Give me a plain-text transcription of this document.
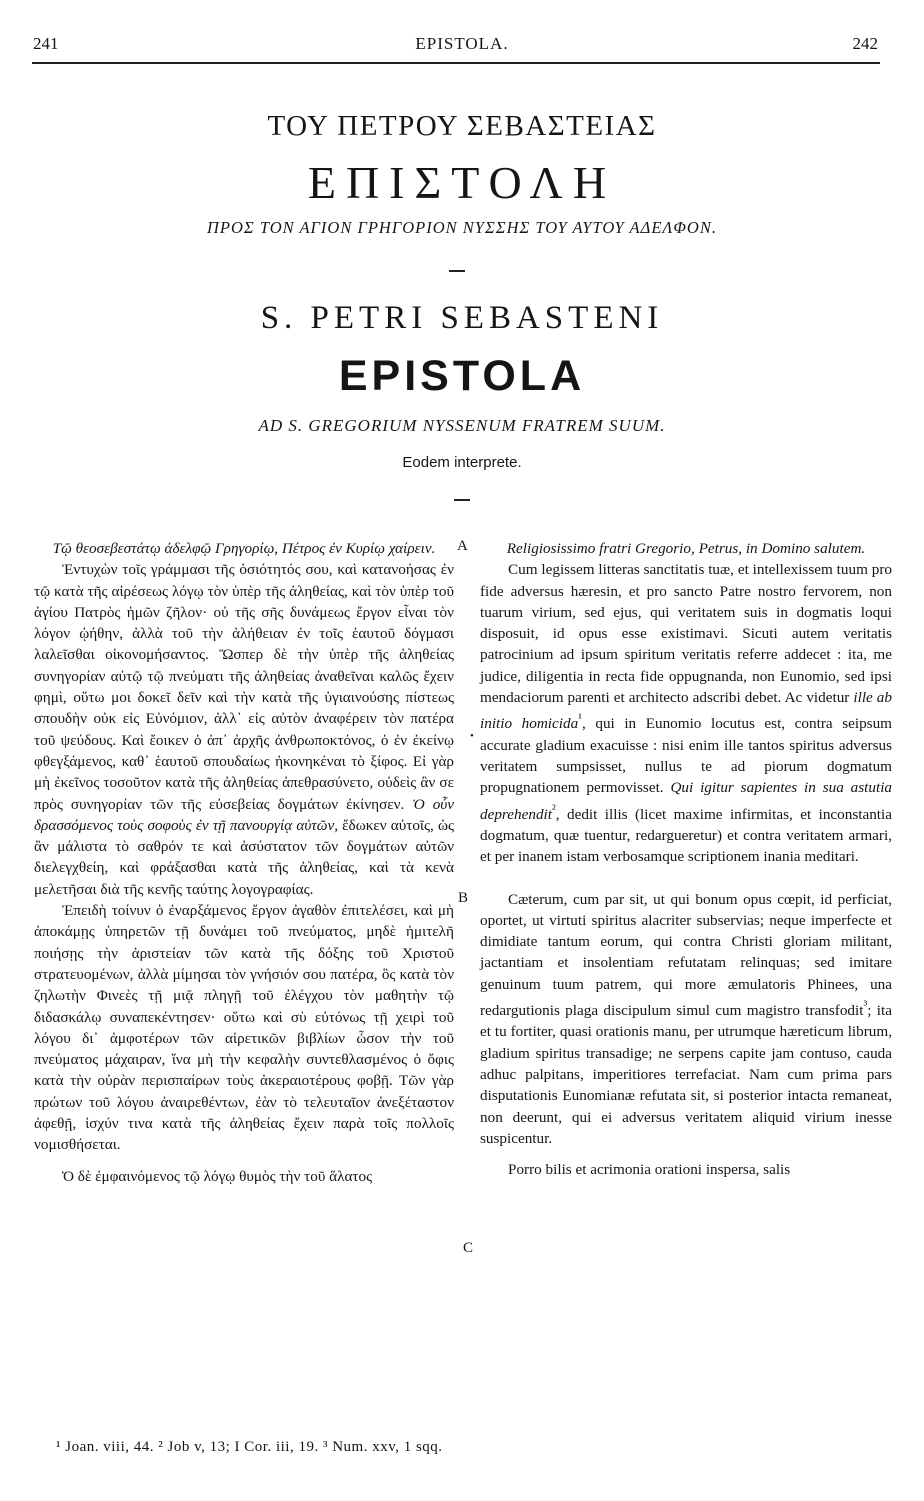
241	EPISTOLA.	242
ΤΟΥ ΠΕΤΡΟΥ ΣΕΒΑΣΤΕΙΑΣ
ΕΠΙΣΤΟΛΗ
ΠΡΟΣ ΤΟΝ ΑΓΙΟΝ ΓΡΗΓΟΡΙΟΝ ΝΥΣΣΗΣ ΤΟΥ ΑΥΤΟΥ ΑΔΕΛΦΟΝ.
S. PETRI SEBASTENI
EPISTOLA
AD S. GREGORIUM NYSSENUM FRATREM SUUM.
Eodem interprete.

Τῷ θεοσεβεστάτῳ ἀδελφῷ Γρηγορίῳ, Πέτρος ἐν Κυρίῳ χαίρειν.

Ἐντυχὼν τοῖς γράμμασι τῆς ὁσιότητός σου, καὶ κατανοήσας ἐν τῷ κατὰ τῆς αἱρέσεως λόγῳ τὸν ὑπὲρ τῆς ἀληθείας, καὶ τὸν ὑπὲρ τοῦ ἁγίου Πατρὸς ἡμῶν ζῆλον· οὐ τῆς σῆς δυνάμεως ἔργον εἶναι τὸν λόγον ᾠήθην, ἀλλὰ τοῦ τὴν ἀλήθειαν ἐν τοῖς ἑαυτοῦ δόγμασι λαλεῖσθαι οἰκονομήσαντος. Ὥσπερ δὲ τὴν ὑπὲρ τῆς ἀληθείας συνηγορίαν αὐτῷ τῷ πνεύματι τῆς ἀληθείας ἀναθεῖναι καλῶς ἔχειν φημὶ, οὕτω μοι δοκεῖ δεῖν καὶ τὴν κατὰ τῆς ὑγιαινούσης πίστεως σπουδὴν οὐκ εἰς Εὐνόμιον, ἀλλ᾽ εἰς αὐτὸν ἀναφέρειν τὸν πατέρα τοῦ ψεύδους. Καὶ ἔοικεν ὁ ἀπ᾽ ἀρχῆς ἀνθρωποκτόνος, ὁ ἐν ἐκείνῳ φθεγξάμενος, καθ᾽ ἑαυτοῦ σπουδαίως ἠκονηκέναι τὸ ξίφος. Εἰ γὰρ μὴ ἐκεῖνος τοσοῦτον κατὰ τῆς ἀληθείας ἀπεθρασύνετο, οὐδεὶς ἂν σε πρὸς συνηγορίαν τῶν τῆς εὐσεβείας δογμάτων ἐκίνησεν. Ὁ οὖν δρασσόμενος τοὺς σοφοὺς ἐν τῇ πανουργίᾳ αὐτῶν, ἔδωκεν αὐτοῖς, ὡς ἂν μάλιστα τὸ σαθρόν τε καὶ ἀσύστατον τῶν δογμάτων αὐτῶν διελεγχθείη, καὶ φράξασθαι κατὰ τῆς ἀληθείας, καὶ τὰ κενὰ μελετῆσαι διὰ τῆς κενῆς ταύτης λογογραφίας.

Ἐπειδὴ τοίνυν ὁ ἐναρξάμενος ἔργον ἀγαθὸν ἐπιτελέσει, καὶ μὴ ἀποκάμῃς ὑπηρετῶν τῇ δυνάμει τοῦ πνεύματος, μηδὲ ἡμιτελῆ ποιήσῃς τὴν ἀριστείαν τῶν κατὰ τῆς δόξης τοῦ Χριστοῦ στρατευομένων, ἀλλὰ μίμησαι τὸν γνήσιόν σου πατέρα, ὃς κατὰ τὸν ζηλωτὴν Φινεὲς τῇ μιᾷ πληγῇ τοῦ ἐλέγχου τὸν μαθητὴν τῷ διδασκάλῳ συναπεκέντησεν· οὕτω καὶ σὺ εὐτόνως τῇ χειρὶ τοῦ λόγου δι᾽ ἀμφοτέρων τῶν αἱρετικῶν βιβλίων ὦσον τὴν τοῦ πνεύματος μάχαιραν, ἵνα μὴ τὴν κεφαλὴν συντεθλασμένος ὁ ὄφις κατὰ τὴν οὐρὰν περισπαίρων τοὺς ἀκεραιοτέρους φοβῇ. Τῶν γὰρ πρώτων τοῦ λόγου ἀναιρεθέντων, ἐὰν τὸ τελευταῖον ἀνεξέταστον ἀφεθῇ, ἰσχύν τινα κατὰ τῆς ἀληθείας ἔχειν παρὰ τοῖς πολλοῖς νομισθήσεται.

Ὁ δὲ ἐμφαινόμενος τῷ λόγῳ θυμὸς τὴν τοῦ ἅλατος

Religiosissimo fratri Gregorio, Petrus, in Domino salutem.

Cum legissem litteras sanctitatis tuæ, et intellexissem tuum pro fide adversus hæresin, et pro sancto Patre nostro fervorem, non tuarum virium, sed ejus, qui veritatem suis in dogmatis loqui disposuit, id opus esse existimavi. Sicuti autem veritatis patrocinium ad ipsum spiritum veritatis referre addecet : ita, me judice, diligentia in recta fide oppugnanda, non Eunomio, sed ipsi mendaciorum parenti et architecto adscribi debet. Ac videtur ille ab initio homicida$^{^1}$, qui in Eunomio locutus est, contra seipsum accurate gladium exacuisse : nisi enim ille tantos spiritus adversus veritatem sumpsisset, nullus te ad piorum dogmatum propugnationem permovisset. Qui igitur sapientes in sua astutia deprehendit$^{^2}$, dedit illis (licet maxime infirmitas, et inconstantia dogmatum, quæ tuentur, redargueretur) et contra veritatem armari, et per inanem istam verbosamque scriptionem inania meditari.

Cæterum, cum par sit, ut qui bonum opus cœpit, id perficiat, oportet, ut virtuti spiritus alacriter subservias; neque imperfecte et dimidiate tantum eorum, qui contra Christi gloriam militant, jactantiam et insolentiam refutatam relinquas; sed imitare genuinum tuum patrem, qui more æmulatoris Phinees, una redargutionis plaga discipulum simul cum magistro transfodit$^{^3}$; ita et tu fortiter, quasi orationis manu, per utrumque hæreticum librum, gladium spiritus transadige; ne serpens capite jam contuso, cauda adhuc palpitans, imperitiores terrefaciat. Nam cum prima pars disputationis Eunomianæ refutata sit, si posterior intacta remaneat, non deerunt, qui ei adversus veritatem aliquid virium inesse suspicentur.

Porro bilis et acrimonia orationi inspersa, salis

A
B
C
•
¹ Joan. viii, 44. ² Job v, 13; I Cor. iii, 19. ³ Num. xxv, 1 sqq.
